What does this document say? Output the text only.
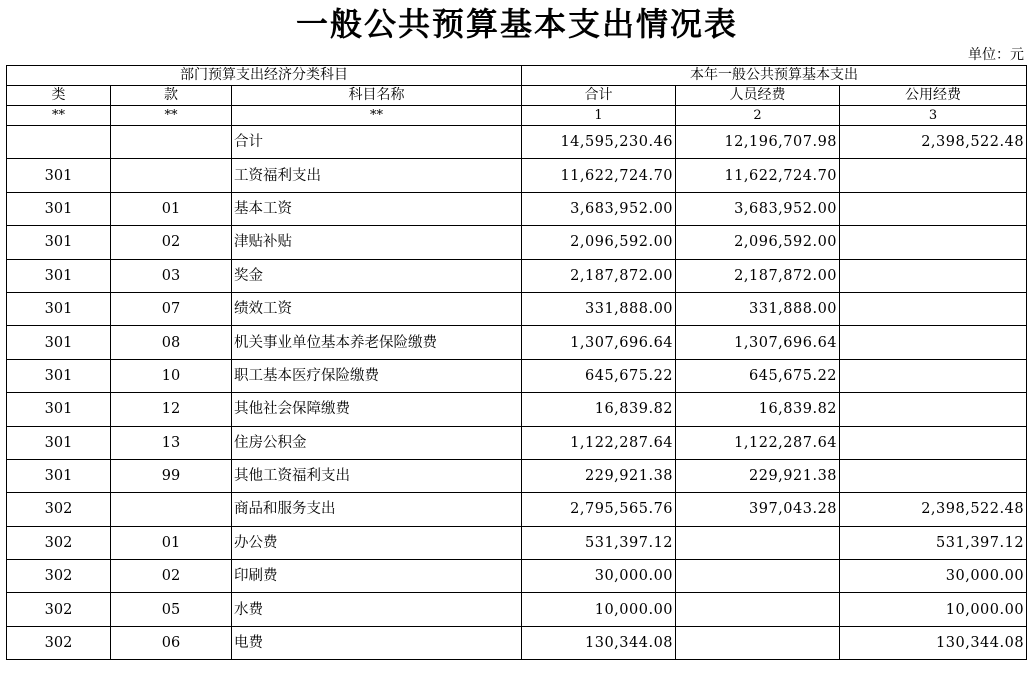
一般公共预算基本支出情况表
单位：元
部门预算支出经济分类科目			本年一般公共预算基本支出		
类	款	科目名称	合计	人员经费	公用经费
**	**	**	1	2	3
		合计	14,595,230.46	12,196,707.98	2,398,522.48
301		工资福利支出	11,622,724.70	11,622,724.70	
301	01	基本工资	3,683,952.00	3,683,952.00	
301	02	津贴补贴	2,096,592.00	2,096,592.00	
301	03	奖金	2,187,872.00	2,187,872.00	
301	07	绩效工资	331,888.00	331,888.00	
301	08	机关事业单位基本养老保险缴费	1,307,696.64	1,307,696.64	
301	10	职工基本医疗保险缴费	645,675.22	645,675.22	
301	12	其他社会保障缴费	16,839.82	16,839.82	
301	13	住房公积金	1,122,287.64	1,122,287.64	
301	99	其他工资福利支出	229,921.38	229,921.38	
302		商品和服务支出	2,795,565.76	397,043.28	2,398,522.48
302	01	办公费	531,397.12		531,397.12
302	02	印刷费	30,000.00		30,000.00
302	05	水费	10,000.00		10,000.00
302	06	电费	130,344.08		130,344.08
